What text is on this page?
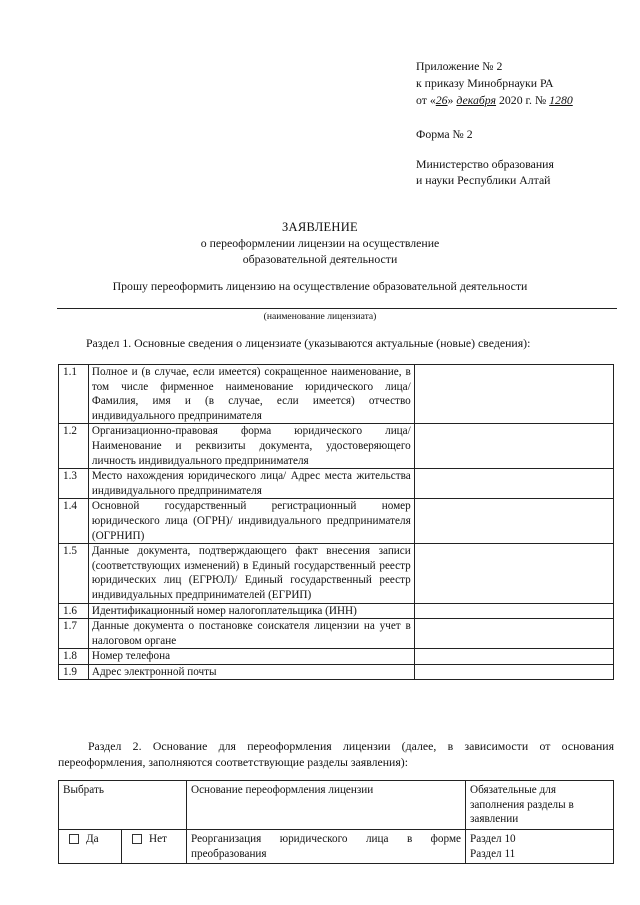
Приложение № 2
к приказу Минобрнауки РА
от «26» декабря 2020 г. № 1280
Форма № 2
Министерство образования
и науки Республики Алтай
ЗАЯВЛЕНИЕ
о переоформлении лицензии на осуществление
образовательной деятельности
Прошу переоформить лицензию на осуществление образовательной деятельности
(наименование лицензиата)
Раздел 1. Основные сведения о лицензиате (указываются актуальные (новые) сведения):
1.1	Полное и (в случае, если имеется) сокращенное наименование, в том числе фирменное наименование юридического лица/Фамилия, имя и (в случае, если имеется) отчество индивидуального предпринимателя	
1.2	Организационно-правовая форма юридического лица/ Наименование и реквизиты документа, удостоверяющего личность индивидуального предпринимателя	
1.3	Место нахождения юридического лица/ Адрес места жительства индивидуального предпринимателя	
1.4	Основной государственный регистрационный номер юридического лица (ОГРН)/ индивидуального предпринимателя (ОГРНИП)	
1.5	Данные документа, подтверждающего факт внесения записи (соответствующих изменений) в Единый государственный реестр юридических лиц (ЕГРЮЛ)/ Единый государственный реестр индивидуальных предпринимателей (ЕГРИП)	
1.6	Идентификационный номер налогоплательщика (ИНН)	
1.7	Данные документа о постановке соискателя лицензии на учет в налоговом органе	
1.8	Номер телефона	
1.9	Адрес электронной почты	
Раздел 2. Основание для переоформления лицензии (далее, в зависимости от основания переоформления, заполняются соответствующие разделы заявления):
Выбрать		Основание переоформления лицензии	Обязательные для заполнения разделы в заявлении
Да	Нет	Реорганизация юридического лица в форме преобразования	Раздел 10
Раздел 11
